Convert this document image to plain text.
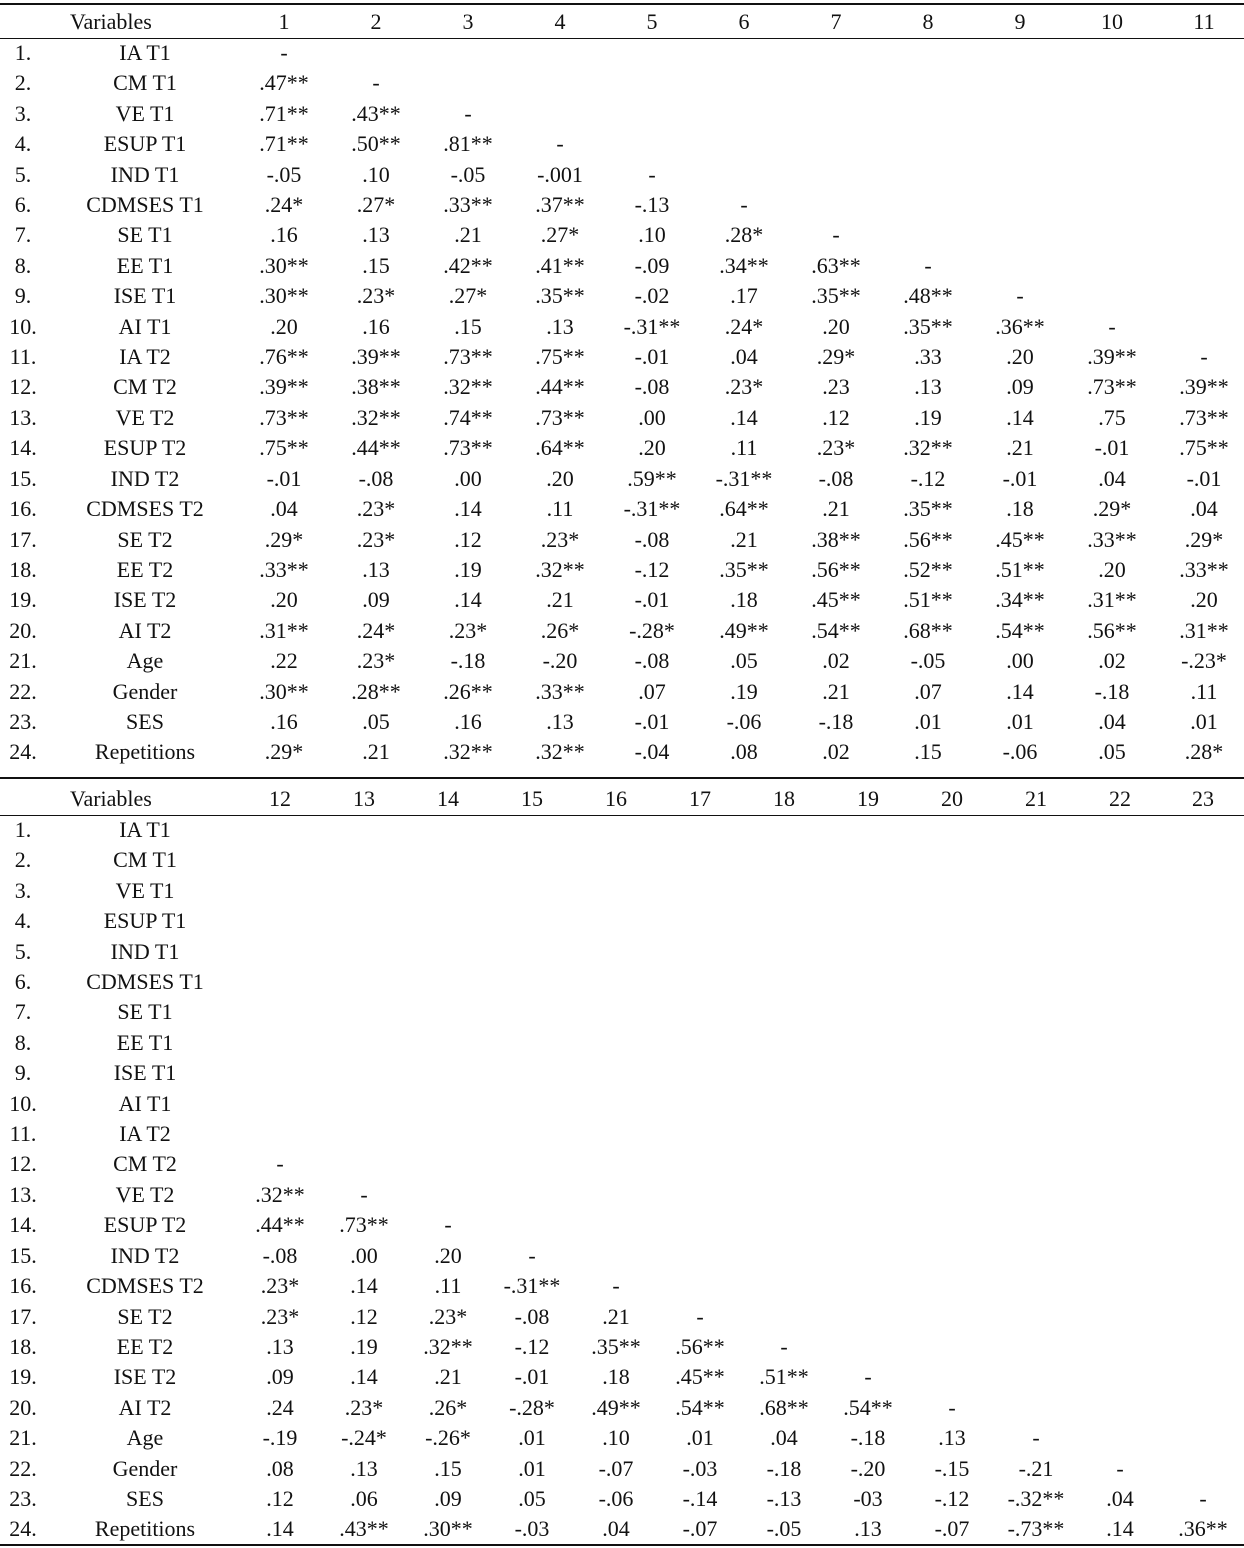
Variables		1	2	3	4	5	6	7	8	9	10	11
1.	IA T1	-										
2.	CM T1	.47**	-									
3.	VE T1	.71**	.43**	-								
4.	ESUP T1	.71**	.50**	.81**	-							
5.	IND T1	-.05	.10	-.05	-.001	-						
6.	CDMSES T1	.24*	.27*	.33**	.37**	-.13	-					
7.	SE T1	.16	.13	.21	.27*	.10	.28*	-				
8.	EE T1	.30**	.15	.42**	.41**	-.09	.34**	.63**	-			
9.	ISE T1	.30**	.23*	.27*	.35**	-.02	.17	.35**	.48**	-		
10.	AI T1	.20	.16	.15	.13	-.31**	.24*	.20	.35**	.36**	-	
11.	IA T2	.76**	.39**	.73**	.75**	-.01	.04	.29*	.33	.20	.39**	-
12.	CM T2	.39**	.38**	.32**	.44**	-.08	.23*	.23	.13	.09	.73**	.39**
13.	VE T2	.73**	.32**	.74**	.73**	.00	.14	.12	.19	.14	.75	.73**
14.	ESUP T2	.75**	.44**	.73**	.64**	.20	.11	.23*	.32**	.21	-.01	.75**
15.	IND T2	-.01	-.08	.00	.20	.59**	-.31**	-.08	-.12	-.01	.04	-.01
16.	CDMSES T2	.04	.23*	.14	.11	-.31**	.64**	.21	.35**	.18	.29*	.04
17.	SE T2	.29*	.23*	.12	.23*	-.08	.21	.38**	.56**	.45**	.33**	.29*
18.	EE T2	.33**	.13	.19	.32**	-.12	.35**	.56**	.52**	.51**	.20	.33**
19.	ISE T2	.20	.09	.14	.21	-.01	.18	.45**	.51**	.34**	.31**	.20
20.	AI T2	.31**	.24*	.23*	.26*	-.28*	.49**	.54**	.68**	.54**	.56**	.31**
21.	Age	.22	.23*	-.18	-.20	-.08	.05	.02	-.05	.00	.02	-.23*
22.	Gender	.30**	.28**	.26**	.33**	.07	.19	.21	.07	.14	-.18	.11
23.	SES	.16	.05	.16	.13	-.01	-.06	-.18	.01	.01	.04	.01
24.	Repetitions	.29*	.21	.32**	.32**	-.04	.08	.02	.15	-.06	.05	.28*
Variables		12	13	14	15	16	17	18	19	20	21	22	23
1.	IA T1												
2.	CM T1												
3.	VE T1												
4.	ESUP T1												
5.	IND T1												
6.	CDMSES T1												
7.	SE T1												
8.	EE T1												
9.	ISE T1												
10.	AI T1												
11.	IA T2												
12.	CM T2	-											
13.	VE T2	.32**	-										
14.	ESUP T2	.44**	.73**	-									
15.	IND T2	-.08	.00	.20	-								
16.	CDMSES T2	.23*	.14	.11	-.31**	-							
17.	SE T2	.23*	.12	.23*	-.08	.21	-						
18.	EE T2	.13	.19	.32**	-.12	.35**	.56**	-					
19.	ISE T2	.09	.14	.21	-.01	.18	.45**	.51**	-				
20.	AI T2	.24	.23*	.26*	-.28*	.49**	.54**	.68**	.54**	-			
21.	Age	-.19	-.24*	-.26*	.01	.10	.01	.04	-.18	.13	-		
22.	Gender	.08	.13	.15	.01	-.07	-.03	-.18	-.20	-.15	-.21	-	
23.	SES	.12	.06	.09	.05	-.06	-.14	-.13	-03	-.12	-.32**	.04	-
24.	Repetitions	.14	.43**	.30**	-.03	.04	-.07	-.05	.13	-.07	-.73**	.14	.36**
